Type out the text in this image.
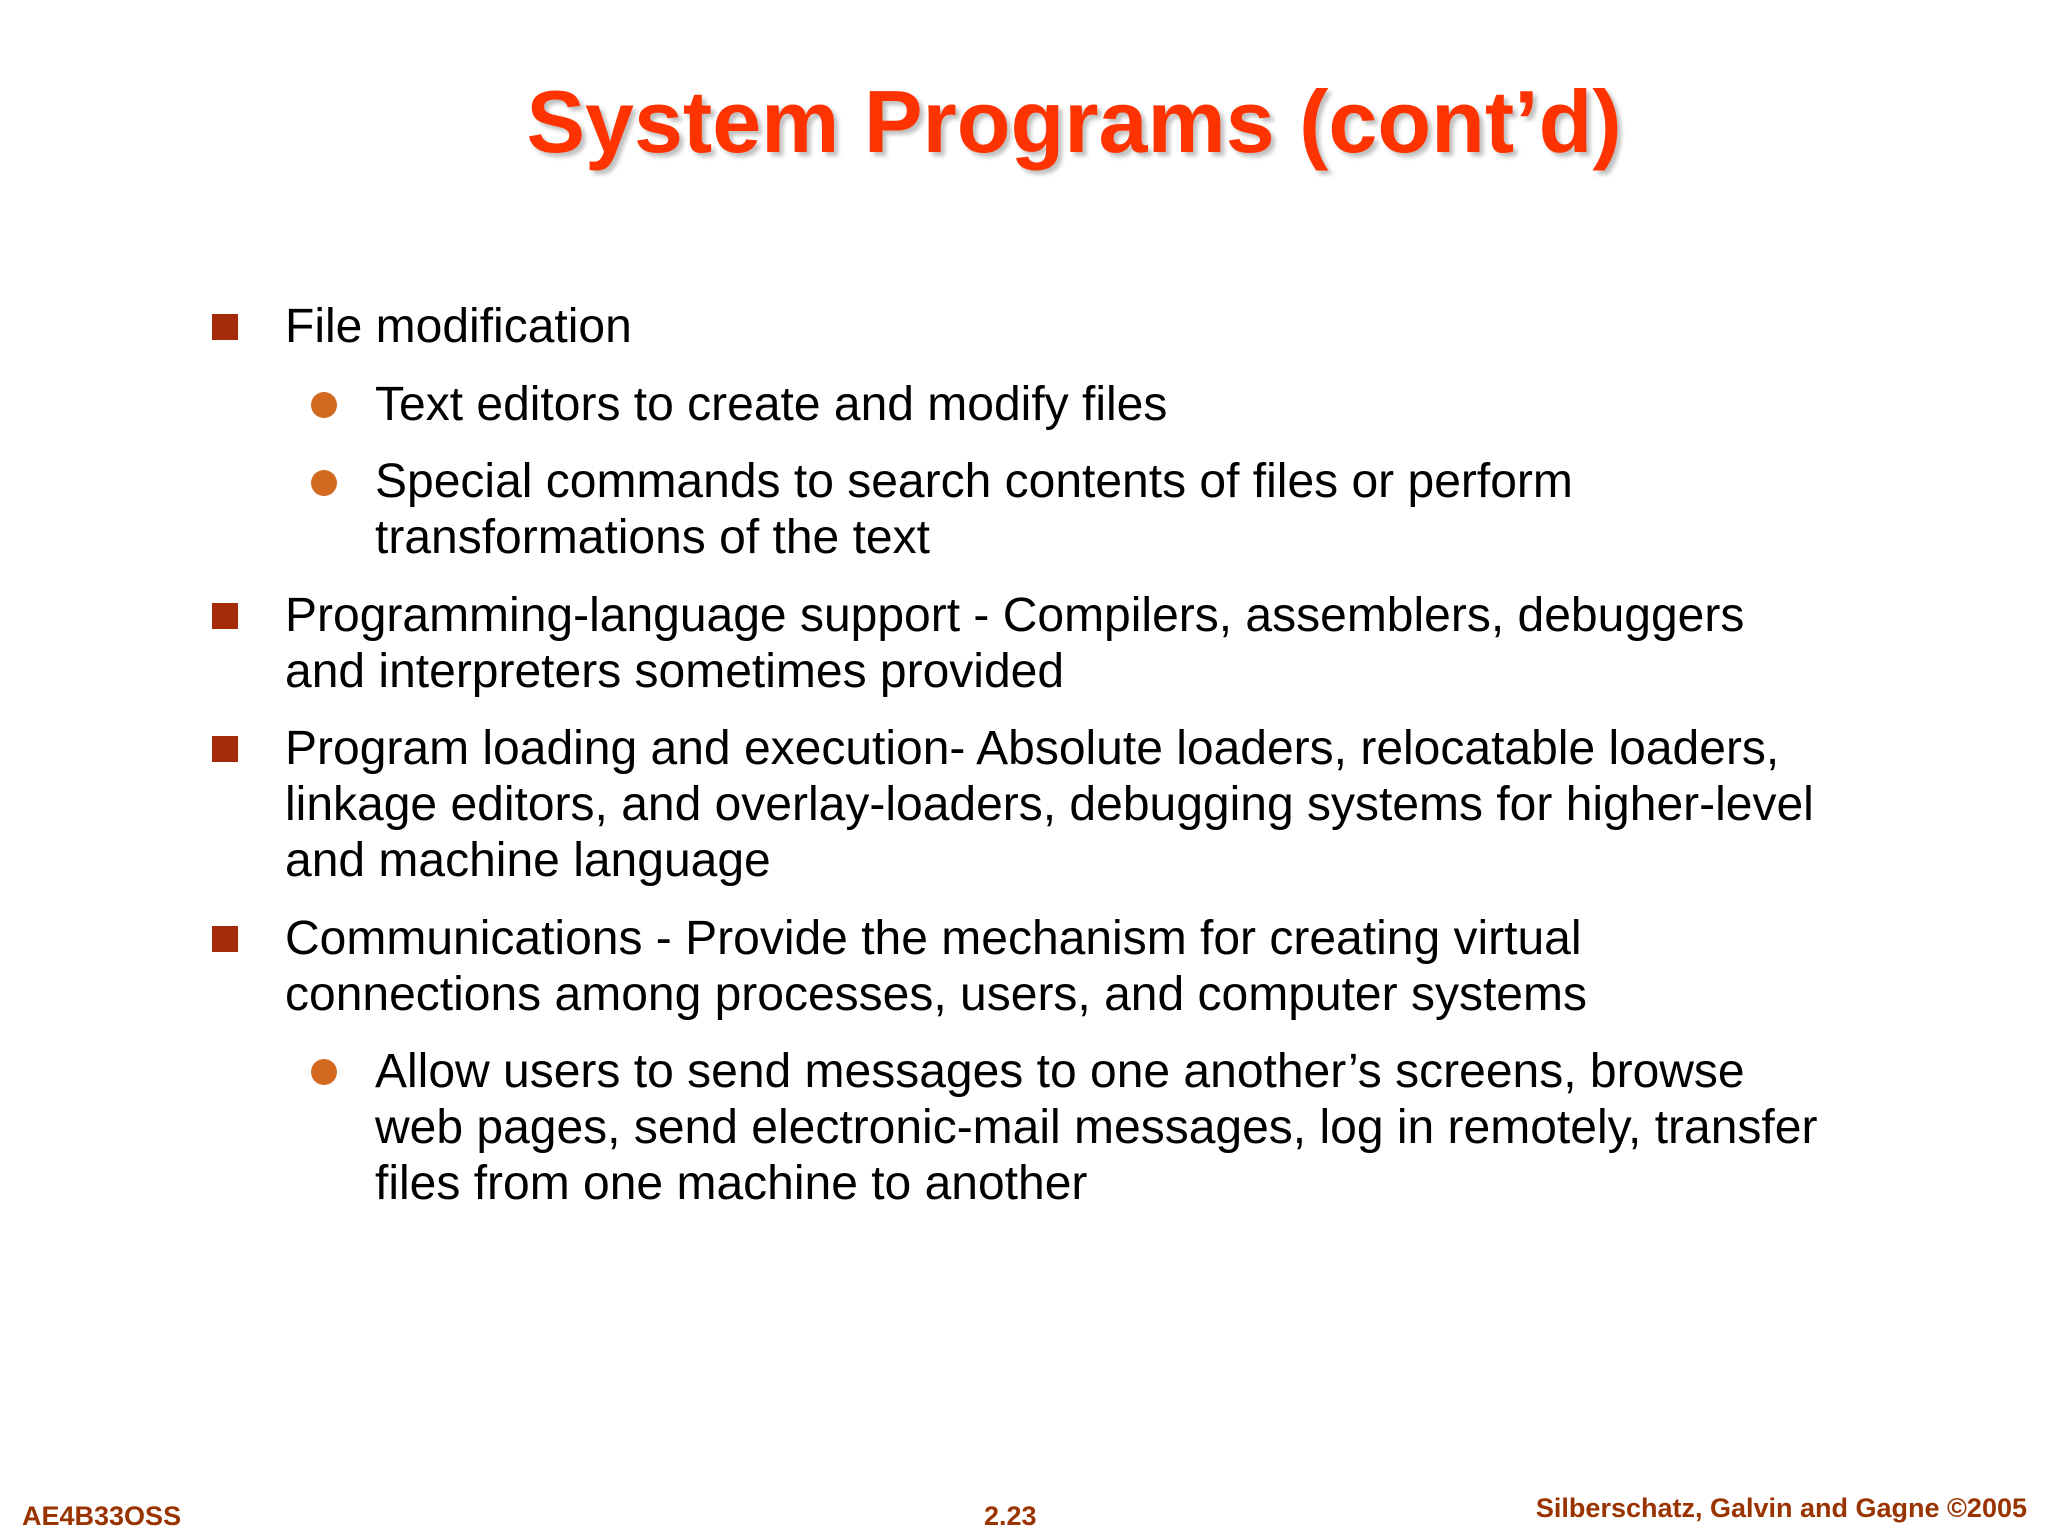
System Programs (cont’d)
File modification
Text editors to create and modify files
Special commands to search contents of files or perform
transformations of the text
Programming-language support - Compilers, assemblers, debuggers
and interpreters sometimes provided
Program loading and execution- Absolute loaders, relocatable loaders,
linkage editors, and overlay-loaders, debugging systems for higher-level
and machine language
Communications - Provide the mechanism for creating virtual
connections among processes, users, and computer systems
Allow users to send messages to one another’s screens, browse
web pages, send electronic-mail messages, log in remotely, transfer
files from one machine to another
AE4B33OSS	2.23	Silberschatz, Galvin and Gagne ©2005
